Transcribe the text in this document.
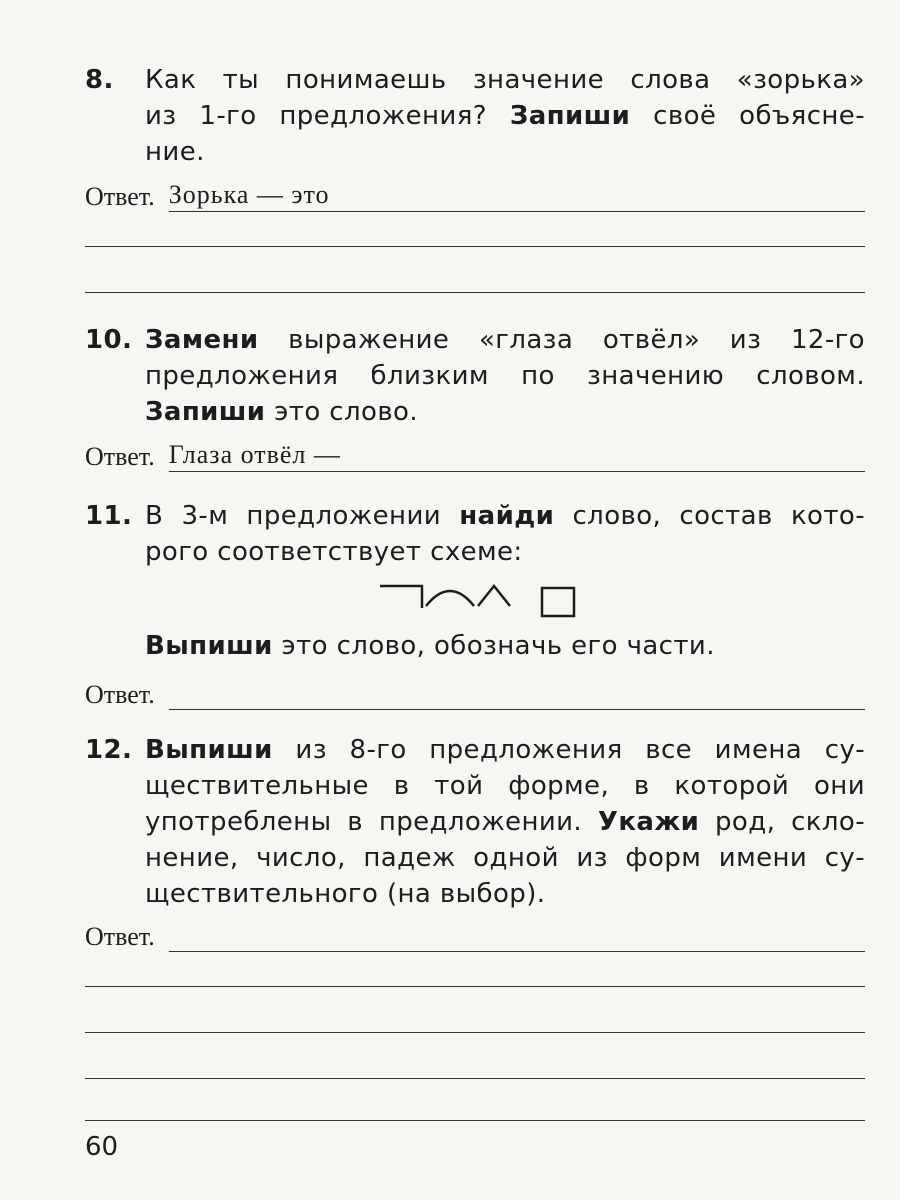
8. Как ты понимаешь значение слова «зорька»
из 1-го предложения? Запиши своё объясне-
ние.
Ответ. Зорька — это
10. Замени выражение «глаза отвёл» из 12-го
предложения близким по значению словом.
Запиши это слово.
Ответ. Глаза отвёл —
11. В 3-м предложении найди слово, состав кото-
рого соответствует схеме:
Выпиши это слово, обозначь его части.
Ответ.
12. Выпиши из 8-го предложения все имена су-
ществительные в той форме, в которой они
употреблены в предложении. Укажи род, скло-
нение, число, падеж одной из форм имени су-
ществительного (на выбор).
Ответ.
60
